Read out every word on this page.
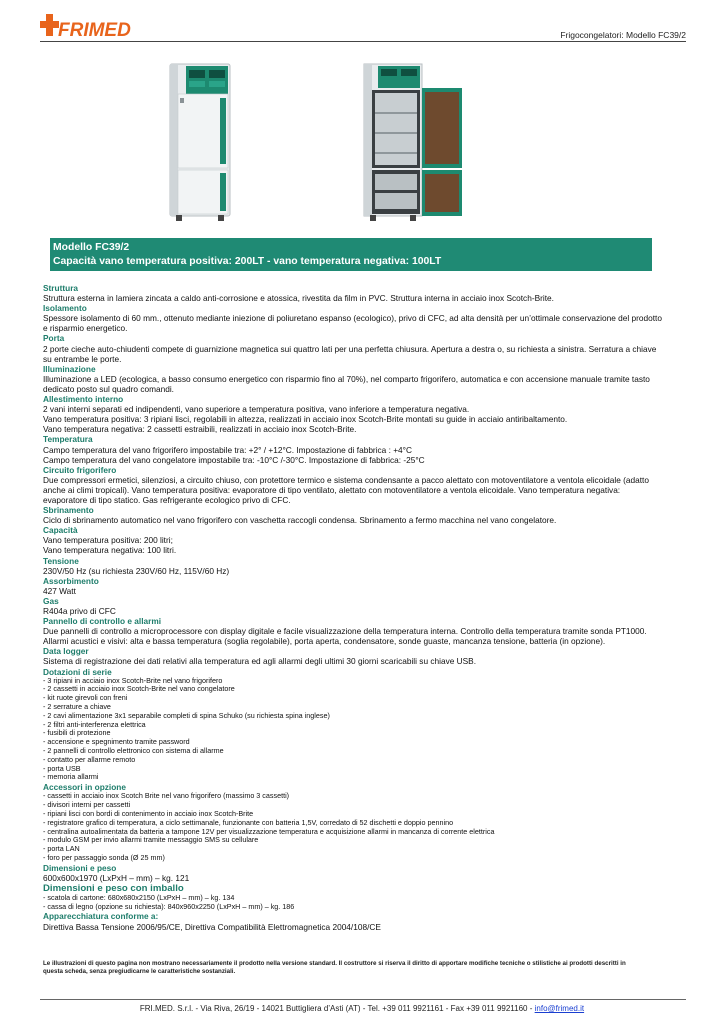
FRIMED	Frigocongelatori: Modello FC39/2
Modello FC39/2
Capacità vano temperatura positiva: 200LT - vano temperatura negativa: 100LT
Struttura
Struttura esterna in lamiera zincata a caldo anti-corrosione e atossica, rivestita da film in PVC. Struttura interna in acciaio inox Scotch-Brite.
Isolamento
Spessore isolamento di 60 mm., ottenuto mediante iniezione di poliuretano espanso (ecologico), privo di CFC, ad alta densità per un’ottimale conservazione del prodotto e risparmio energetico.
Porta
2 porte cieche auto-chiudenti compete di guarnizione magnetica sui quattro lati per una perfetta chiusura. Apertura a destra o, su richiesta a sinistra. Serratura a chiave su entrambe le porte.
Illuminazione
Illuminazione a LED (ecologica, a basso consumo energetico con risparmio fino al 70%), nel comparto frigorifero, automatica e con accensione manuale tramite tasto dedicato posto sul quadro comandi.
Allestimento interno
2 vani interni separati ed indipendenti, vano superiore a temperatura positiva, vano inferiore a temperatura negativa.
Vano temperatura positiva: 3 ripiani lisci, regolabili in altezza, realizzati in acciaio inox Scotch-Brite montati su guide in acciaio antiribaltamento.
Vano temperatura negativa: 2 cassetti estraibili, realizzati in acciaio inox Scotch-Brite.
Temperatura
Campo temperatura del vano frigorifero impostabile tra: +2° / +12°C. Impostazione di fabbrica : +4°C
Campo temperatura del vano congelatore impostabile tra: -10°C /-30°C. Impostazione di fabbrica: -25°C
Circuito frigorifero
Due compressori ermetici, silenziosi, a circuito chiuso, con protettore termico e sistema condensante a pacco alettato con motoventilatore a ventola elicoidale (adatto anche ai climi tropicali). Vano temperatura positiva: evaporatore di tipo ventilato, alettato con motoventilatore a ventola elicoidale. Vano temperatura negativa: evaporatore di tipo statico. Gas refrigerante ecologico privo di CFC.
Sbrinamento
Ciclo di sbrinamento automatico nel vano frigorifero con vaschetta raccogli condensa. Sbrinamento a fermo macchina nel vano congelatore.
Capacità
Vano temperatura positiva: 200 litri;
Vano temperatura negativa: 100 litri.
Tensione
230V/50 Hz (su richiesta 230V/60 Hz, 115V/60 Hz)
Assorbimento
427 Watt
Gas
R404a privo di CFC
Pannello di controllo e allarmi
Due pannelli di controllo a microprocessore con display digitale e facile visualizzazione della temperatura interna. Controllo della temperatura tramite sonda PT1000. Allarmi acustici e visivi: alta e bassa temperatura (soglia regolabile), porta aperta, condensatore, sonde guaste, mancanza tensione, batteria (in opzione).
Data logger
Sistema di registrazione dei dati relativi alla temperatura ed agli allarmi degli ultimi 30 giorni scaricabili su chiave USB.
Dotazioni di serie
- 3 ripiani in acciaio inox Scotch-Brite nel vano frigorifero
- 2 cassetti in acciaio inox Scotch-Brite nel vano congelatore
- kit ruote girevoli con freni
- 2 serrature a chiave
- 2 cavi alimentazione 3x1 separabile completi di spina Schuko (su richiesta spina inglese)
- 2 filtri anti-interferenza elettrica
- fusibili di protezione
- accensione e spegnimento tramite password
- 2 pannelli di controllo elettronico con sistema di allarme
- contatto per allarme remoto
- porta USB
- memoria allarmi
Accessori in opzione
- cassetti in acciaio inox Scotch Brite nel vano frigorifero (massimo 3 cassetti)
- divisori interni per cassetti
- ripiani lisci con bordi di contenimento in acciaio inox Scotch-Brite
- registratore grafico di temperatura, a ciclo settimanale, funzionante con batteria 1,5V, corredato di 52 dischetti e doppio pennino
- centralina autoalimentata da batteria a tampone 12V per visualizzazione temperatura e acquisizione allarmi in mancanza di corrente elettrica
- modulo GSM per invio allarmi tramite messaggio SMS su cellulare
- porta LAN
- foro per passaggio sonda (Ø 25 mm)
Dimensioni e peso
600x600x1970 (LxPxH – mm) – kg. 121
Dimensioni e peso con imballo
- scatola di cartone: 680x680x2150 (LxPxH – mm) – kg. 134
- cassa di legno (opzione su richiesta): 840x960x2250 (LxPxH – mm) – kg. 186
Apparecchiatura conforme a:
Direttiva Bassa Tensione 2006/95/CE, Direttiva Compatibilità Elettromagnetica 2004/108/CE
Le illustrazioni di questo pagina non mostrano necessariamente il prodotto nella versione standard. Il costruttore si riserva il diritto di apportare modifiche tecniche o stilistiche ai prodotti descritti in questa scheda, senza pregiudicarne le caratteristiche sostanziali.
FRI.MED. S.r.l. - Via Riva, 26/19 - 14021 Buttigliera d’Asti (AT) - Tel. +39 011 9921161 - Fax +39 011 9921160 - info@frimed.it
